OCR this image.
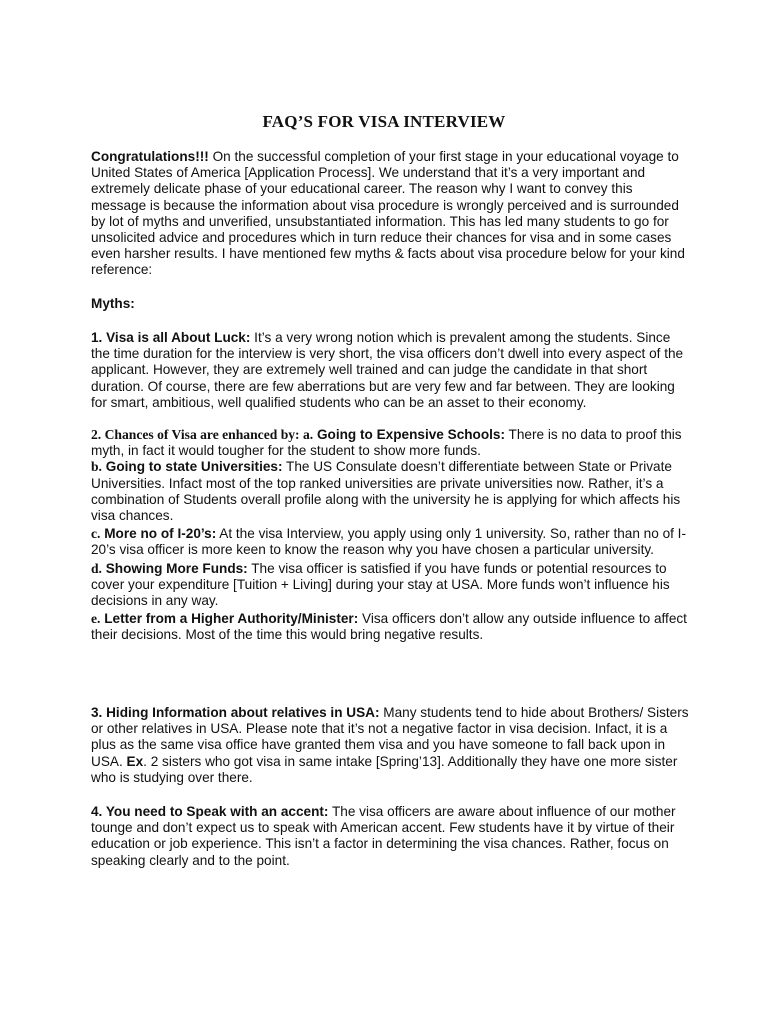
FAQ’S FOR VISA INTERVIEW
Congratulations!!! On the successful completion of your first stage in your educational voyage to United States of America [Application Process]. We understand that it’s a very important and extremely delicate phase of your educational career. The reason why I want to convey this message is because the information about visa procedure is wrongly perceived and is surrounded by lot of myths and unverified, unsubstantiated information. This has led many students to go for unsolicited advice and procedures which in turn reduce their chances for visa and in some cases even harsher results. I have mentioned few myths & facts about visa procedure below for your kind reference:
Myths:
1. Visa is all About Luck: It’s a very wrong notion which is prevalent among the students. Since the time duration for the interview is very short, the visa officers don’t dwell into every aspect of the applicant. However, they are extremely well trained and can judge the candidate in that short duration. Of course, there are few aberrations but are very few and far between. They are looking for smart, ambitious, well qualified students who can be an asset to their economy.
2. Chances of Visa are enhanced by: a. Going to Expensive Schools: There is no data to proof this myth, in fact it would tougher for the student to show more funds.
b. Going to state Universities: The US Consulate doesn’t differentiate between State or Private Universities. Infact most of the top ranked universities are private universities now. Rather, it’s a combination of Students overall profile along with the university he is applying for which affects his visa chances.
c. More no of I-20’s: At the visa Interview, you apply using only 1 university. So, rather than no of I-20’s visa officer is more keen to know the reason why you have chosen a particular university.
d. Showing More Funds: The visa officer is satisfied if you have funds or potential resources to cover your expenditure [Tuition + Living] during your stay at USA. More funds won’t influence his decisions in any way.
e. Letter from a Higher Authority/Minister: Visa officers don’t allow any outside influence to affect their decisions. Most of the time this would bring negative results.
3. Hiding Information about relatives in USA: Many students tend to hide about Brothers/ Sisters or other relatives in USA. Please note that it’s not a negative factor in visa decision. Infact, it is a plus as the same visa office have granted them visa and you have someone to fall back upon in USA. Ex. 2 sisters who got visa in same intake [Spring’13]. Additionally they have one more sister who is studying over there.
4. You need to Speak with an accent: The visa officers are aware about influence of our mother tounge and don’t expect us to speak with American accent. Few students have it by virtue of their education or job experience. This isn’t a factor in determining the visa chances. Rather, focus on speaking clearly and to the point.
